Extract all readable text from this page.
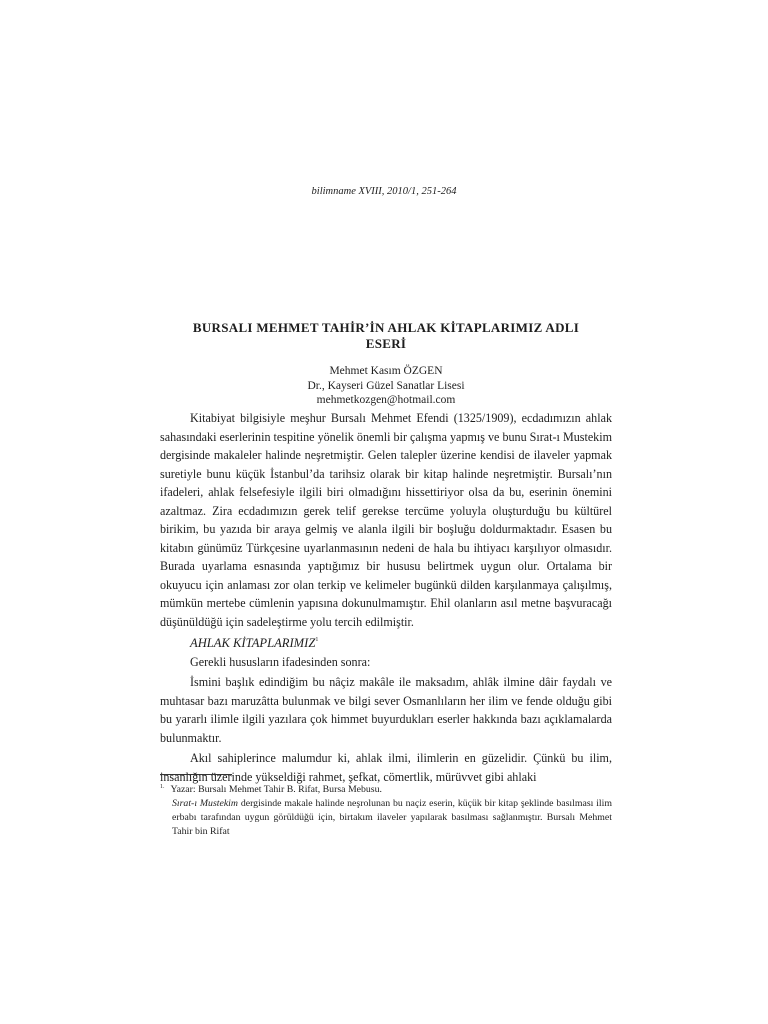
bilimname XVIII, 2010/1, 251-264
BURSALI MEHMET TAHİR’İN AHLAK KİTAPLARIMIZ ADLI
ESERİ
Mehmet Kasım ÖZGEN
Dr., Kayseri Güzel Sanatlar Lisesi
mehmetkozgen@hotmail.com

Kitabiyat bilgisiyle meşhur Bursalı Mehmet Efendi (1325/1909), ecdadımızın ahlak sahasındaki eserlerinin tespitine yönelik önemli bir çalışma yapmış ve bunu Sırat-ı Mustekim dergisinde makaleler halinde neşretmiştir. Gelen talepler üzerine kendisi de ilaveler yapmak suretiyle bunu küçük İstanbul’da tarihsiz olarak bir kitap halinde neşretmiştir. Bursalı’nın ifadeleri, ahlak felsefesiyle ilgili biri olmadığını hissettiriyor olsa da bu, eserinin önemini azaltmaz. Zira ecdadımızın gerek telif gerekse tercüme yoluyla oluşturduğu bu kültürel birikim, bu yazıda bir araya gelmiş ve alanla ilgili bir boşluğu doldurmaktadır. Esasen bu kitabın günümüz Türkçesine uyarlanmasının nedeni de hala bu ihtiyacı karşılıyor olmasıdır. Burada uyarlama esnasında yaptığımız bir hususu belirtmek uygun olur. Ortalama bir okuyucu için anlaması zor olan terkip ve kelimeler bugünkü dilden karşılanmaya çalışılmış, mümkün mertebe cümlenin yapısına dokunulmamıştır. Ehil olanların asıl metne başvuracağı düşünüldüğü için sadeleştirme yolu tercih edilmiştir.

AHLAK KİTAPLARIMIZ$^1$

Gerekli hususların ifadesinden sonra:

İsmini başlık edindiğim bu nâçiz makâle ile maksadım, ahlâk ilmine dâir faydalı ve muhtasar bazı maruzâtta bulunmak ve bilgi sever Osmanlıların her ilim ve fende olduğu gibi bu yararlı ilimle ilgili yazılara çok himmet buyurdukları eserler hakkında bazı açıklamalarda bulunmaktır.

Akıl sahiplerince malumdur ki, ahlak ilmi, ilimlerin en güzelidir. Çünkü bu ilim, insanlığın üzerinde yükseldiği rahmet, şefkat, cömertlik, mürüvvet gibi ahlaki

$^{1.}$ Yazar: Bursalı Mehmet Tahir B. Rifat, Bursa Mebusu.

Sırat-ı Mustekim dergisinde makale halinde neşrolunan bu naçiz eserin, küçük bir kitap şeklinde basılması ilim erbabı tarafından uygun görüldüğü için, birtakım ilaveler yapılarak basılması sağlanmıştır. Bursalı Mehmet Tahir bin Rifat
